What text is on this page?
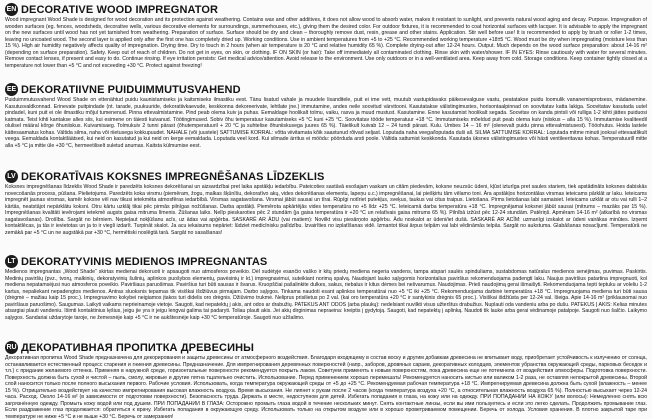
EN DECORATIVE WOOD IMPREGNATOR

Wood impregnant Wood Shade is designed for wood decoration and its protection against weathering. Contains wax and other additives, it does not allow wood to absorb water, makes it resistant to sunlight, and prevents natural wood aging and decay. Purpose. Impregnation of wooden surfaces (eg. fences, woodsheds, decorative wells, various decorative elements for surroundings, summerhouses, etc.), giving them the desired color. For outdoor fixtures, it is recommended to coat horizontal surfaces with lacquer. It is advisable to apply the impregnant on the new surfaces until wood has not yet tarnished from weathering. Preparation of surface. Surface should be dry and clean – thoroughly remove dust, resin, grease and other stains. Application. Stir well before use! It is recommended to apply by brush or roller 1-2 times, leaving no uncoated wood. The second layer is applied only after the first one has completely dried up. Working conditions. Use in ambient temperatures from +5 to +25 °C. Recommended working temperature +18±5 °C. Wood must be dry when impregnating (moisture less than 15 %). High air humidity negatively affects quality of impregnation. Drying time. Dry to touch in 2 hours (when air temperature is 20 °C and relative humidity 65 %). Complete drying-out after 12-24 hours. Output. Much depends on the wood surface preparation: about 14-16 m² (depending on surface preparation). Safety. Keep out of reach of children. Do not get in eyes, on skin, or clothing. IF ON SKIN (or hair): Take off immediately all contaminated clothing. Rinse skin with water/shower. IF IN EYES: Rinse cautiously with water for several minutes. Remove contact lenses, if present and easy to do. Continue rinsing. If eye irritation persists: Get medical advice/attention. Avoid release to the environment. Use only outdoors or in a well-ventilated area. Keep away from cold. Storage conditions. Keep container tightly closed at a temperature not lower than +5 °C and not exceeding +30 °C. Protect against freezing!

EE DEKORATIIVNE PUIDUIMMUTUSVAHEND

Puiduimmutusvahend Wood Shade on ettenähtud puidu kaunistamiseks ja kaitsmiseks ilmastiku eest. Tänu lisatud vahale ja muudele lisanditele, puit ei ime vett, muutub vastupidavaks päikesevalguse vastu, peatatakse puidu loomulik vananemisprotsess, mädanemine. Kasutusvaldkonnad. Erinevate puitpindade (nt. tarade, puukuuride, dekoratiivkaevude, keskkonna dekoreerivate, lehtlate jne.) immutamine, andes neile soovitud värvitooni. Kasutatakse välistingimustes, horisontaalpinnad on soovitatav katta lakiga. Soovitatav kasutada uutel pindadel, kuni puit ei ole ilmastiku mõjul tumenenud. Pinna ettevalmistamine. Pind peab olema kuiv ja puhas. Eemaldage hoolikalt tolmu, vaiku, rasva ja muud mustust. Kasutamine. Enne kasutamist hoolikalt segada. Soovitav on kanda pintsli või rulliga 1-2 kihti jättes puiduosi katmata. Teist kihti kantakse alles siis, kui esimene on täiesti kuivanud. Töötingimused. Sobiv õhu temperatuur kasutamiseks +5 °C kuni +25 °C. Soovitatav tööde temperatuur +18 °C. Immutamiseks mõeldud puit peab olema kuiv (niiskus – alla 15 %). Immutamise kvaliteedil olulisel määral kõrge õhuniiskus. Kuivamisaeg. Tolmukuiv 2 tunni pärast (õhutemperatuuril + 20 °C ja suhtelise õhuniiskusega juures 65 %). Täielikult kuivab 12 – 24 tundi pärast. Kulu. Umbes 14 – 16 m² (olenevalt puidu pinna ettevalmistusest). Tööohutus. Hoida lastele kättesaamatus kohas. Vältida silma, naha või riietusega kokkupuudet. NAHALE (või juustele) SATTUMISE KORRAL: võtta viivitamata kõik saastunud rõivad seljast. Loputada naha veega/loputada duši all. SILMA SATTUMISE KORRAL: Loputada mitme minuti jooksul ettevaatlikult veega. Eemaldada kontaktläätsed, kui neid on kasutatud ja kui neid on kerge eemaldada. Loputada veel kord. Kui silmade ärritus ei möödu: pöörduda arsti poole. Vältida sattumist keskkonda. Kasutada üksnes välistingimustes või hästi ventileeritavas kohas. Temperatuurill mitte alla +5 °C ja mitte üle +30 °C, hermeetiliselt suletud anumas. Kaitsta külmumise eest.

LV DEKORATĪVAIS KOKSNES IMPREGNĒŠANAS LĪDZEKLIS

Koksnes impregnēšanas līdzeklis Wood Shade ir paredzēts koksnes dekorēšanai un aizsardzībai pret laika apstākļu iedarbību. Pateicoties sastāvā esošajam vaskam un citām piedevām, koksne neuzsūc ūdeni, kļūst izturīga pret saules stariem, tiek apstādināts koksnes dabiskās novecošanās process, pūšana. Pielietojums. Paredzēts koka virsmu (piemēram, žogu, malkas šķūnīšu, dekoratīvo akų, vides dekorēšanas elementu, lapeņu u.c.) impregnēšanai, lai piešķirtu tām vēlamo toni. Āra apstākļos horizontālas virsmas ieteicams pārklāt ar laku. Ieteicams impregnēt jaunas virsmas, kamēr koksne vēl nav tikusi ietekmēta atmosfēras iedarbībā. Virsmas sagatavošana. Virsmai jābūt sausai un tīrai. Rūpīgi notīriet putekļus, sveķus, taukus vai citus traipus. Lietošana. Pirms lietošanas labi samaisiet. Ieteicams uzklāt ar otu vai rulli 1–2 kārtās, neatstājot nepārklātu koksni. Otru kārtu uzklāj tikai pēc pirmās pilnīgas nožūšanas. Darba apstākļi. Piemērota apkārtējās vides temperatūra no +5 līdz +25 °C. Ieteicamā darba temperatūra +18 °C. Impregnējamai koksnei jābūt sausai (mitrums – mazāks par 15 %). Impregnēšanas kvalitāti ievērojami ietekmē augsts gaisa mitruma līmenis. Žūšanas laiks. Nelīp pieskaroties pēc 2 stundām (ja gaisa temperatūra ir +20 °C un relatīvais gaisa mitrums 65 %). Pilnībā izžūst pēc 12-24 stundām. Patēriņš. Apmēram 14-16 m² (atkarībā no virsmas sagatavošanas). Drošība. Sargāt no bērniem. Nepieļaut nokļūšanu acīs, uz ādas vai apģērba. SASKARĒ AR ĀDU (vai matiem): Novilkt visu piesārņoto apģērbu. Ādu noskalot ar ūdeni/iet dušā. SASKARĒ AR ACĪM: uzmanīgi izskalot ar ūdeni vairākas minūtes. Izņemt kontaktlēcas, ja tās ir ievietotas un ja to ir viegli izdarīt. Turpināt skalot. Ja acu iekaisums nepāriet: lūdziet medicīnisku palīdzību. Izvairīties no izplatīšanas vidē. Izmantot tikai ārpus telpām vai labi vēdināmās telpās. Sargāt no aukstuma. Glabāšanas nosacījumi. Temperatūrā ne zemākā par +5 °C un ne augstākā par +30 °C, hermētiski noslēgtā tarā. Sargāt no sasalšanas!

LT DEKORATYVINIS MEDIENOS IMPREGNANTAS

Medienos impregnantas „Wood Shade“ skirtas medienai dekoruoti ir apsaugoti nuo atmosferos poveikio. Dėl sudėtyje esančio vaško ir kitų priedų mediena negeria vandens, tampa atspari saulės spinduliams, sustabdomas natūralus medienos senėjimas, puvimas. Paskirtis. Medinių paviršių (pvz., tvorų, malkinių, dekoratyvinių šulinių, aplinkos puošybos elementų, pavėsinių ir kt.) impregnavimui, suteikiant norimą spalvą. Naudojant lauko sąlygomis horizontalius paviršius rekomenduojama padengti laku. Naujus paviršius patartina impregnuoti, kol mediena nepatamsėjusi nuo atmosferos poveikio. Paviršiaus paruošimas. Paviršius turi būti sausas ir švarus. Kruopščiai pašalinkite dulkes, sakus, riebalus ir kitus dėmes bei nešvarumus. Naudojimas. Prieš naudojimą gerai išmaišyti. Rekomenduojama tepti teptuku ar voleliu 1-2 kartus, nepaliekant nepadengtos medienos. Antras sluoksnis tepamas tik visiškai išdžiūvus pirmajam. Darbo sąlygos. Tinkama naudoti esant aplinkos temperatūrai nuo +5 °C iki +25 °C. Rekomenduojama darbinė temperatūra +18 °C. Impregnuojama mediena turi būti sausa (drėgmė – mažiau kaip 15 proc.). Impregnavimo kokybei neigiamos įtakos turi didelis oro drėgnis. Džiūvimo trukmė. Neliprus prisilietus po 2 val. (kai oro temperatūra +20 °C ir santykinis drėgnis 65 proc.). Visiškai išdžiūsta per 12-24 val. Išeiga. Apie 14-16 m² (priklausomai nuo paviršiaus paruošimo). Saugumas. Laikyti vaikams neprieinamoje vietoje. Saugoti, kad nepatektų į akis, ant odos ar drabužių. PATEKUS ANT ODOS (arba plaukų): nedelsiant nuvilkti visus užterštus drabužius. Nuplauti oda vandeniu arba po dušu. PATEKUS Į AKIS: Kelias minutes atsargiai plauti vandeniu. Išimti kontaktinius lęšius, jeigu jie yra ir jeigu lengvai galima tai padaryti. Toliau plauti akis. Jei akių dirginimas nepraeina: kreiptis į gydytoją. Saugoti, kad nepatektų į aplinką. Naudoti tik lauke arba gerai vėdinamoje patalpoje. Saugoti nuo šalčio. Laikymo sąlygos. Sandariai uždarytoje taroje, ne žemesnėje kaip +5 °C ir ne aukštesnėje kaip +30 °C temperatūroje. Saugoti nuo užšalimo.

RU ДЕКОРАТИВНАЯ ПРОПИТКА ДРЕВЕСИНЫ

Декоративная пропитка Wood Shade предназначена для декорирования и защиты древесины от атмосферного воздействия. Благодаря входящему в состав воску и другим добавкам древесина не впитывает воду, приобретает устойчивость к излучению от солнца, останавливается естественный процесс старения и гниения древесины. Предназначение. Для импрегнирования деревянных поверхностей (напр., заборов, дровяных сараев, декоративных колодцев, элементов убранства окружающей среды, парковых беседок и т.п.) с придание желаемого оттенка. Применяя в наружной среде, горизонтальные поверхности рекомендуется покрыть лаком. Советуем применять к новым поверхностям, пока древесина еще не потемнела от воздействия атмосферы. Подготовка поверхности. Поверхность должна быть сухой и чистой – пыль, смолу, жировые и другие пятна тщательно очистить. Использование. Перед применением хорошо перемешать! Рекомендуется наносить кистью или валиком 1-2 раза, не оставляя непокрытой древесины. Второй слой наносится только после полного высыхания первого. Рабочие условия. Использовать, когда температура окружающей среды от +5 до +25 °C. Рекомендуемая рабочая температура +18 °C. Импрегнируемая древесина должна быть сухой (влажность – менее 15 %). Отрицательно воздействует на качество импрегнирования высокая влажность воздуха. Время высыхания. Не липнет к рукам после 2 часов (когда температура воздуха +20 °C, а относительная влажность воздуха 65 %). Полностью высыхает через 12-24 часа. Расход. Около 14-16 м² (в зависимости от подготовки поверхности). Безопасность труда. Держать в месте, недоступном для детей. Избегать попадания в глаза, на кожу или на одежду. ПРИ ПОПАДАНИИ НА КОЖУ (или волосы): Немедленно снять всю загрязнённую одежду. Промыть кожу водой или под душем. ПРИ ПОПАДАНИИ В ГЛАЗА: Осторожно промыть глаза водой в течение нескольких минут. Снять контактные линзы, если вы ими пользуетесь и если это легко сделать. Продолжить промывание глаз. Если раздражение глаз продолжается: обратиться к врачу. Избегать попадания в окружающую среду. Использовать только на открытом воздухе или в хорошо проветриваемом помещении. Беречь от холода. Условия хранения. В плотно закрытой таре при температуре не ниже +5 °C и не выше +30 °C. Беречь от замерзания!
